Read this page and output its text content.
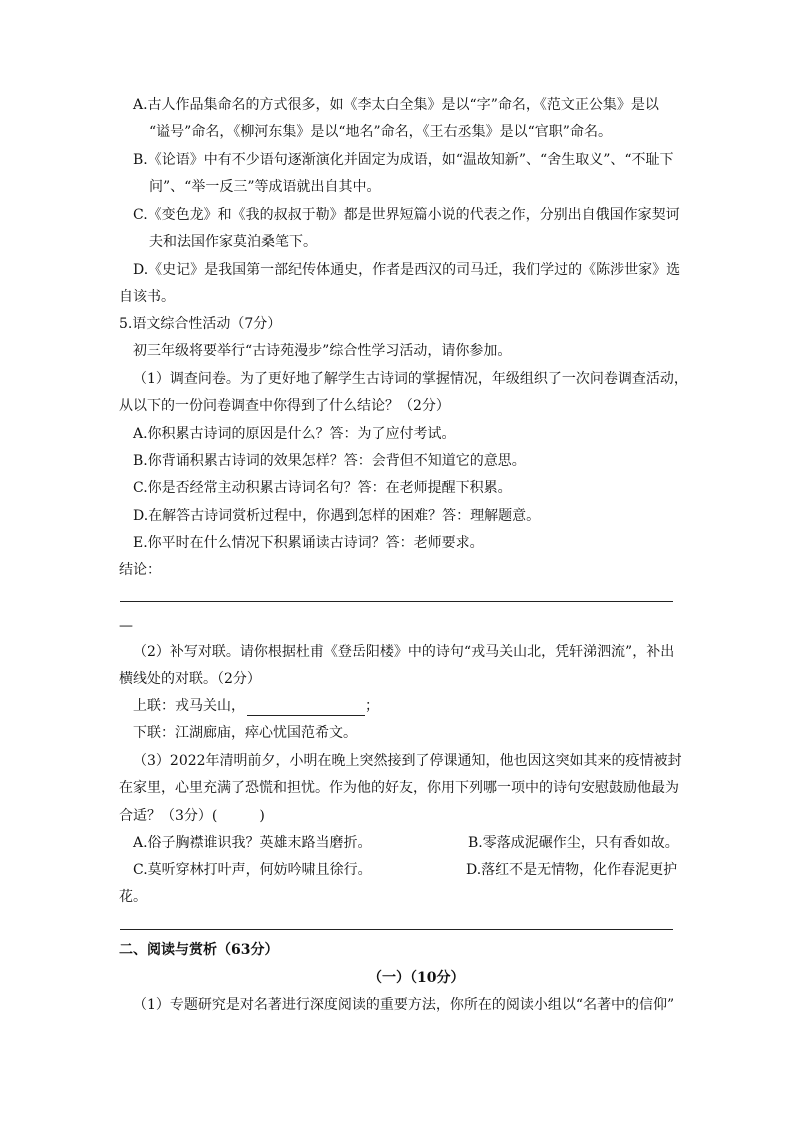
A.古人作品集命名的方式很多，如《李太白全集》是以“字”命名，《范文正公集》是以
“谥号”命名，《柳河东集》是以“地名”命名，《王右丞集》是以“官职”命名。
B.《论语》中有不少语句逐渐演化并固定为成语，如“温故知新”、“舍生取义”、“不耻下
问”、“举一反三”等成语就出自其中。
C.《变色龙》和《我的叔叔于勒》都是世界短篇小说的代表之作，分别出自俄国作家契诃
夫和法国作家莫泊桑笔下。
D.《史记》是我国第一部纪传体通史，作者是西汉的司马迁，我们学过的《陈涉世家》选
自该书。
5.语文综合性活动（7分）
初三年级将要举行“古诗苑漫步”综合性学习活动，请你参加。
（1）调查问卷。为了更好地了解学生古诗词的掌握情况，年级组织了一次问卷调查活动，
从以下的一份问卷调查中你得到了什么结论？（2分）
A.你积累古诗词的原因是什么？答：为了应付考试。
B.你背诵积累古诗词的效果怎样？答：会背但不知道它的意思。
C.你是否经常主动积累古诗词名句？答：在老师提醒下积累。
D.在解答古诗词赏析过程中，你遇到怎样的困难？答：理解题意。
E.你平时在什么情况下积累诵读古诗词？答：老师要求。
结论：
—
（2）补写对联。请你根据杜甫《登岳阳楼》中的诗句“戎马关山北，凭轩涕泗流”，补出
横线处的对联。（2分）
上联：戎马关山，	；
下联：江湖廊庙，瘁心忧国范希文。
（3）2022年清明前夕，小明在晚上突然接到了停课通知，他也因这突如其来的疫情被封
在家里，心里充满了恐慌和担忧。作为他的好友，你用下列哪一项中的诗句安慰鼓励他最为
合适？（3分）(　　　)
A.俗子胸襟谁识我？英雄末路当磨折。	B.零落成泥碾作尘，只有香如故。
C.莫听穿林打叶声，何妨吟啸且徐行。	D.落红不是无情物，化作春泥更护
花。
二、阅读与赏析（63分）
（一）（10分）
（1）专题研究是对名著进行深度阅读的重要方法，你所在的阅读小组以“名著中的信仰”
